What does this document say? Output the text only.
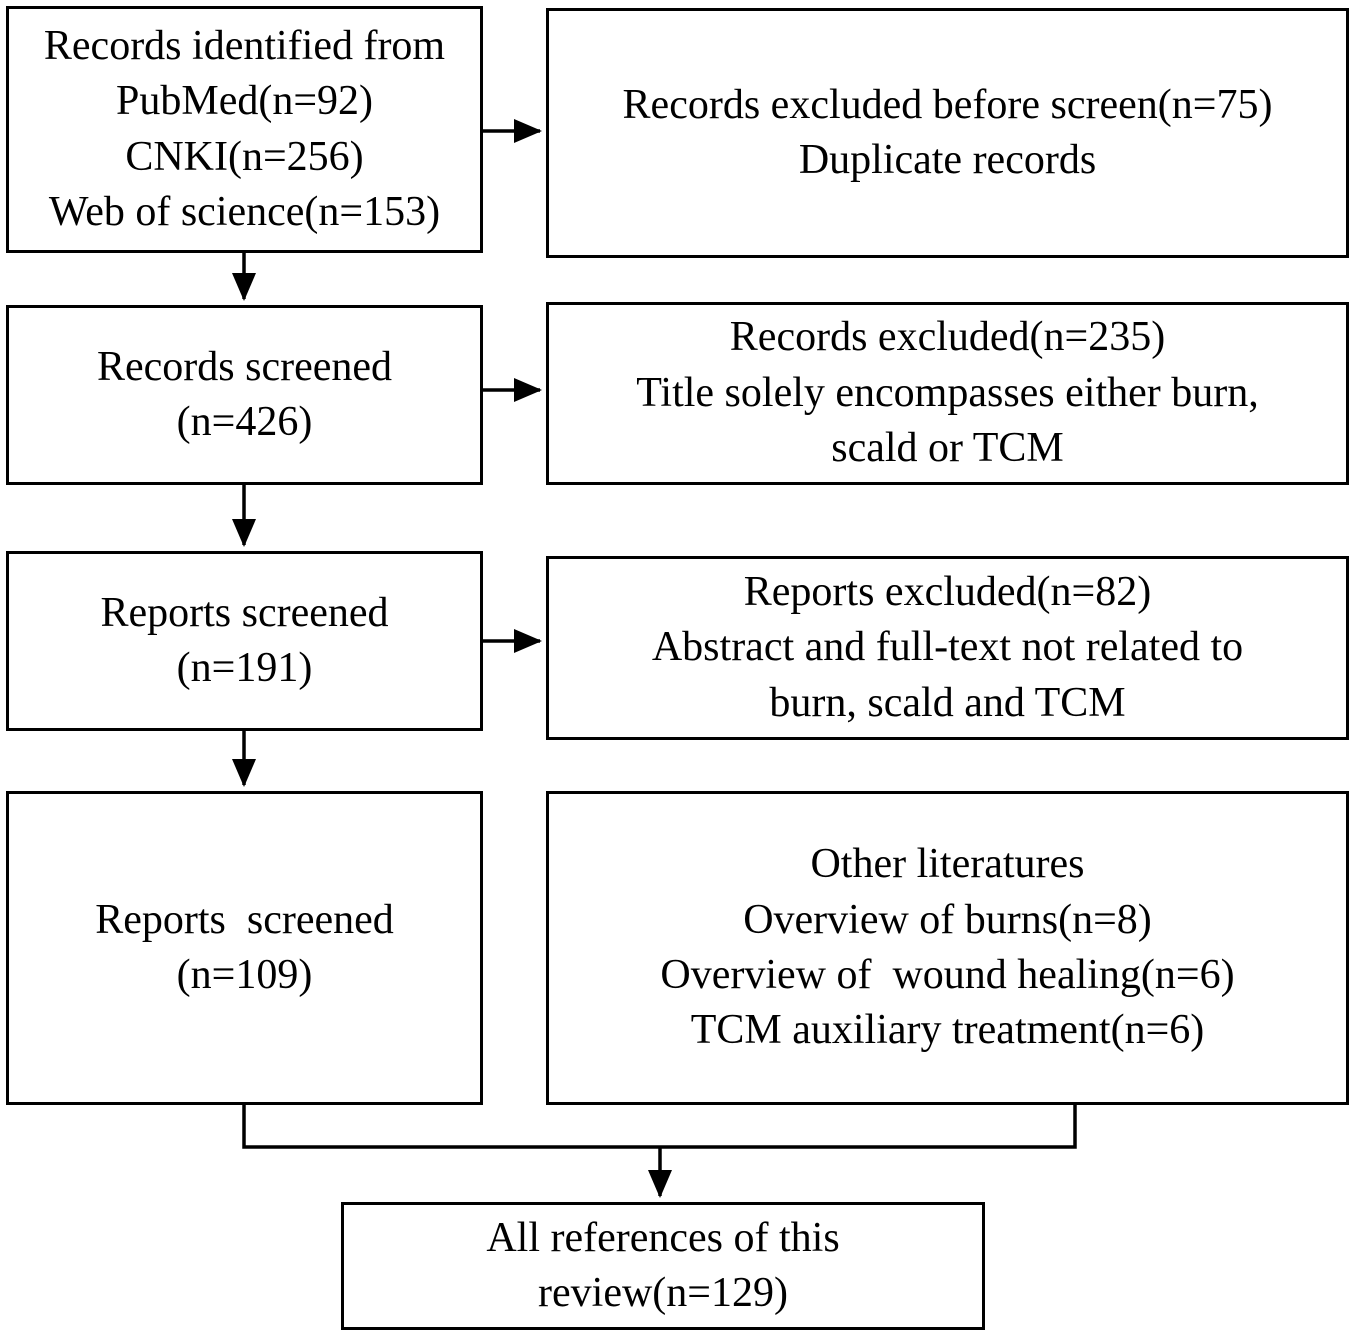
Records identified from
PubMed(n=92)
CNKI(n=256)
Web of science(n=153)
Records screened
(n=426)
Reports screened
(n=191)
Reports  screened
(n=109)
Records excluded before screen(n=75)
Duplicate records
Records excluded(n=235)
Title solely encompasses either burn,
scald or TCM
Reports excluded(n=82)
Abstract and full-text not related to
burn, scald and TCM
Other literatures
Overview of burns(n=8)
Overview of  wound healing(n=6)
TCM auxiliary treatment(n=6)
All references of this
review(n=129)
